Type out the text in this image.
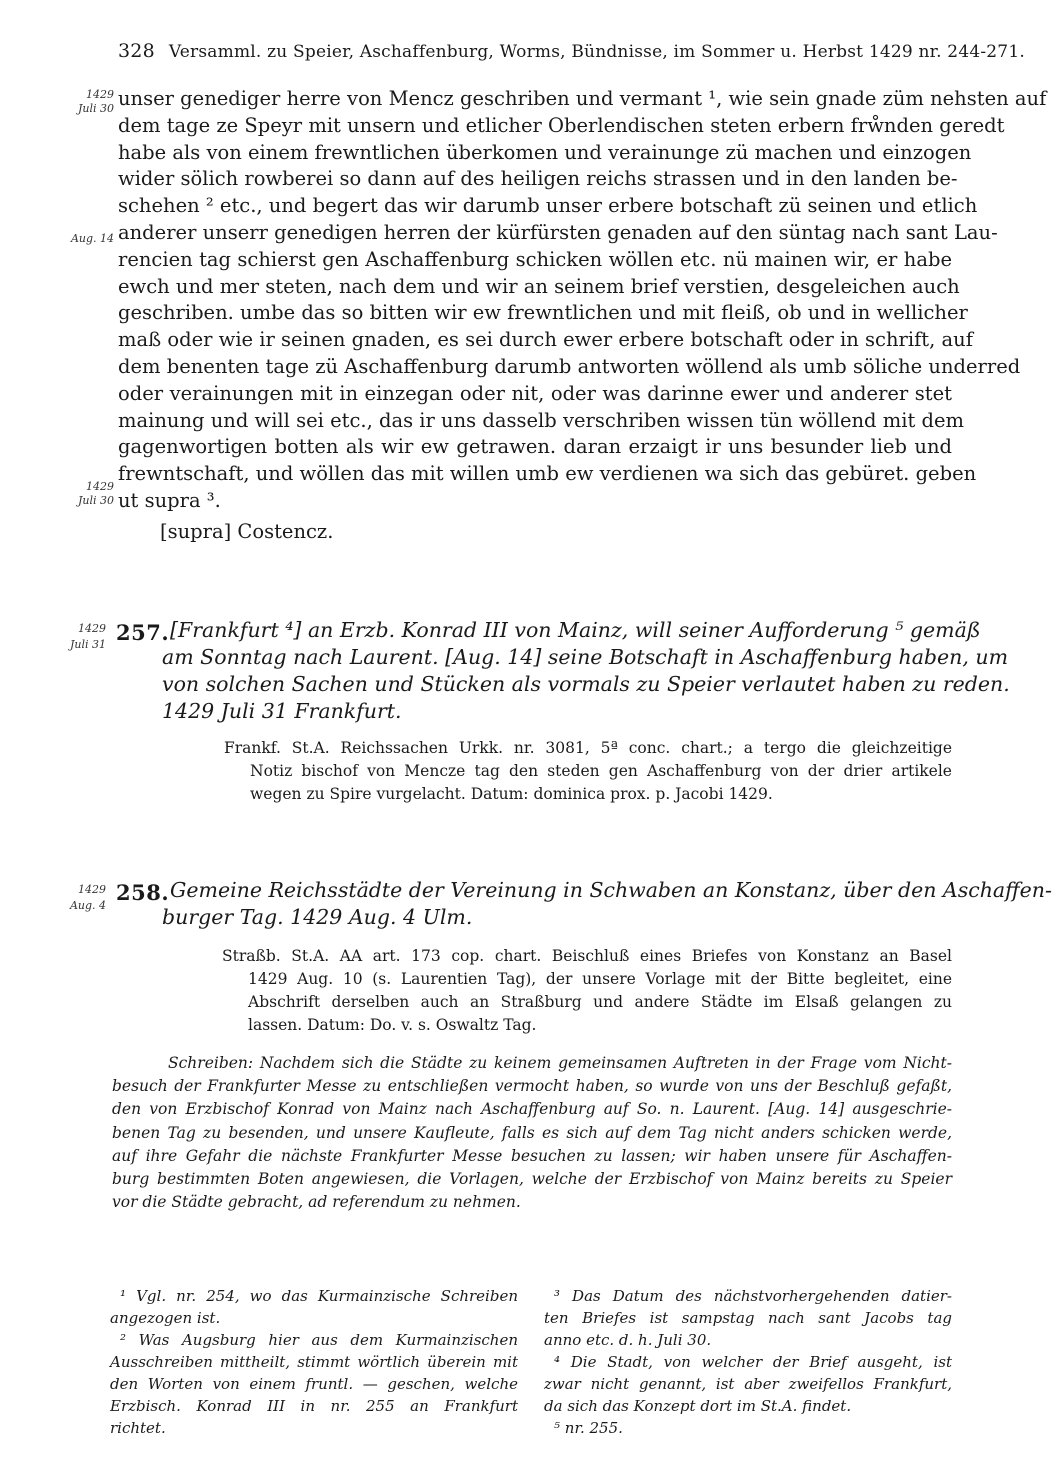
328 Versamml. zu Speier, Aschaffenburg, Worms, Bündnisse, im Sommer u. Herbst 1429 nr. 244-271.
1429
Juli 30
Aug. 14
1429
Juli 30
1429
Juli 31
1429
Aug. 4
unser genediger herre von Mencz geschriben und vermant ¹, wie sein gnade züm nehsten auf
dem tage ze Speyr mit unsern und etlicher Oberlendischen steten erbern frẘnden geredt
habe als von einem frewntlichen überkomen und verainunge zü machen und einzogen
wider sölich rowberei so dann auf des heiligen reichs strassen und in den landen be-
schehen ² etc., und begert das wir darumb unser erbere botschaft zü seinen und etlich
anderer unserr genedigen herren der kürfürsten genaden auf den süntag nach sant Lau-
rencien tag schierst gen Aschaffenburg schicken wöllen etc. nü mainen wir, er habe
ewch und mer steten, nach dem und wir an seinem brief verstien, desgeleichen auch
geschriben. umbe das so bitten wir ew frewntlichen und mit fleiß, ob und in wellicher
maß oder wie ir seinen gnaden, es sei durch ewer erbere botschaft oder in schrift, auf
dem benenten tage zü Aschaffenburg darumb antworten wöllend als umb söliche underred
oder verainungen mit in einzegan oder nit, oder was darinne ewer und anderer stet
mainung und will sei etc., das ir uns dasselb verschriben wissen tün wöllend mit dem
gagenwortigen botten als wir ew getrawen. daran erzaigt ir uns besunder lieb und
frewntschaft, und wöllen das mit willen umb ew verdienen wa sich das gebüret. geben
ut supra ³.
[supra] Costencz.
257. [Frankfurt ⁴] an Erzb. Konrad III von Mainz, will seiner Aufforderung ⁵ gemäß
am Sonntag nach Laurent. [Aug. 14] seine Botschaft in Aschaffenburg haben, um
von solchen Sachen und Stücken als vormals zu Speier verlautet haben zu reden.
1429 Juli 31 Frankfurt.
Frankf. St.A. Reichssachen Urkk. nr. 3081, 5ª conc. chart.; a tergo die gleichzeitige
Notiz bischof von Mencze tag den steden gen Aschaffenburg von der drier artikele
wegen zu Spire vurgelacht. Datum: dominica prox. p. Jacobi 1429.
258. Gemeine Reichsstädte der Vereinung in Schwaben an Konstanz, über den Aschaffen-
burger Tag. 1429 Aug. 4 Ulm.
Straßb. St.A. AA art. 173 cop. chart. Beischluß eines Briefes von Konstanz an Basel
1429 Aug. 10 (s. Laurentien Tag), der unsere Vorlage mit der Bitte begleitet, eine
Abschrift derselben auch an Straßburg und andere Städte im Elsaß gelangen zu
lassen. Datum: Do. v. s. Oswaltz Tag.
Schreiben: Nachdem sich die Städte zu keinem gemeinsamen Auftreten in der Frage vom Nicht-
besuch der Frankfurter Messe zu entschließen vermocht haben, so wurde von uns der Beschluß gefaßt,
den von Erzbischof Konrad von Mainz nach Aschaffenburg auf So. n. Laurent. [Aug. 14] ausgeschrie-
benen Tag zu besenden, und unsere Kaufleute, falls es sich auf dem Tag nicht anders schicken werde,
auf ihre Gefahr die nächste Frankfurter Messe besuchen zu lassen; wir haben unsere für Aschaffen-
burg bestimmten Boten angewiesen, die Vorlagen, welche der Erzbischof von Mainz bereits zu Speier
vor die Städte gebracht, ad referendum zu nehmen.
¹ Vgl. nr. 254, wo das Kurmainzische Schreiben
angezogen ist.
² Was Augsburg hier aus dem Kurmainzischen
Ausschreiben mittheilt, stimmt wörtlich überein mit
den Worten von einem fruntl. — geschen, welche
Erzbisch. Konrad III in nr. 255 an Frankfurt
richtet.
³ Das Datum des nächstvorhergehenden datier-
ten Briefes ist sampstag nach sant Jacobs tag
anno etc. d. h. Juli 30.
⁴ Die Stadt, von welcher der Brief ausgeht, ist
zwar nicht genannt, ist aber zweifellos Frankfurt,
da sich das Konzept dort im St.A. findet.
⁵ nr. 255.
